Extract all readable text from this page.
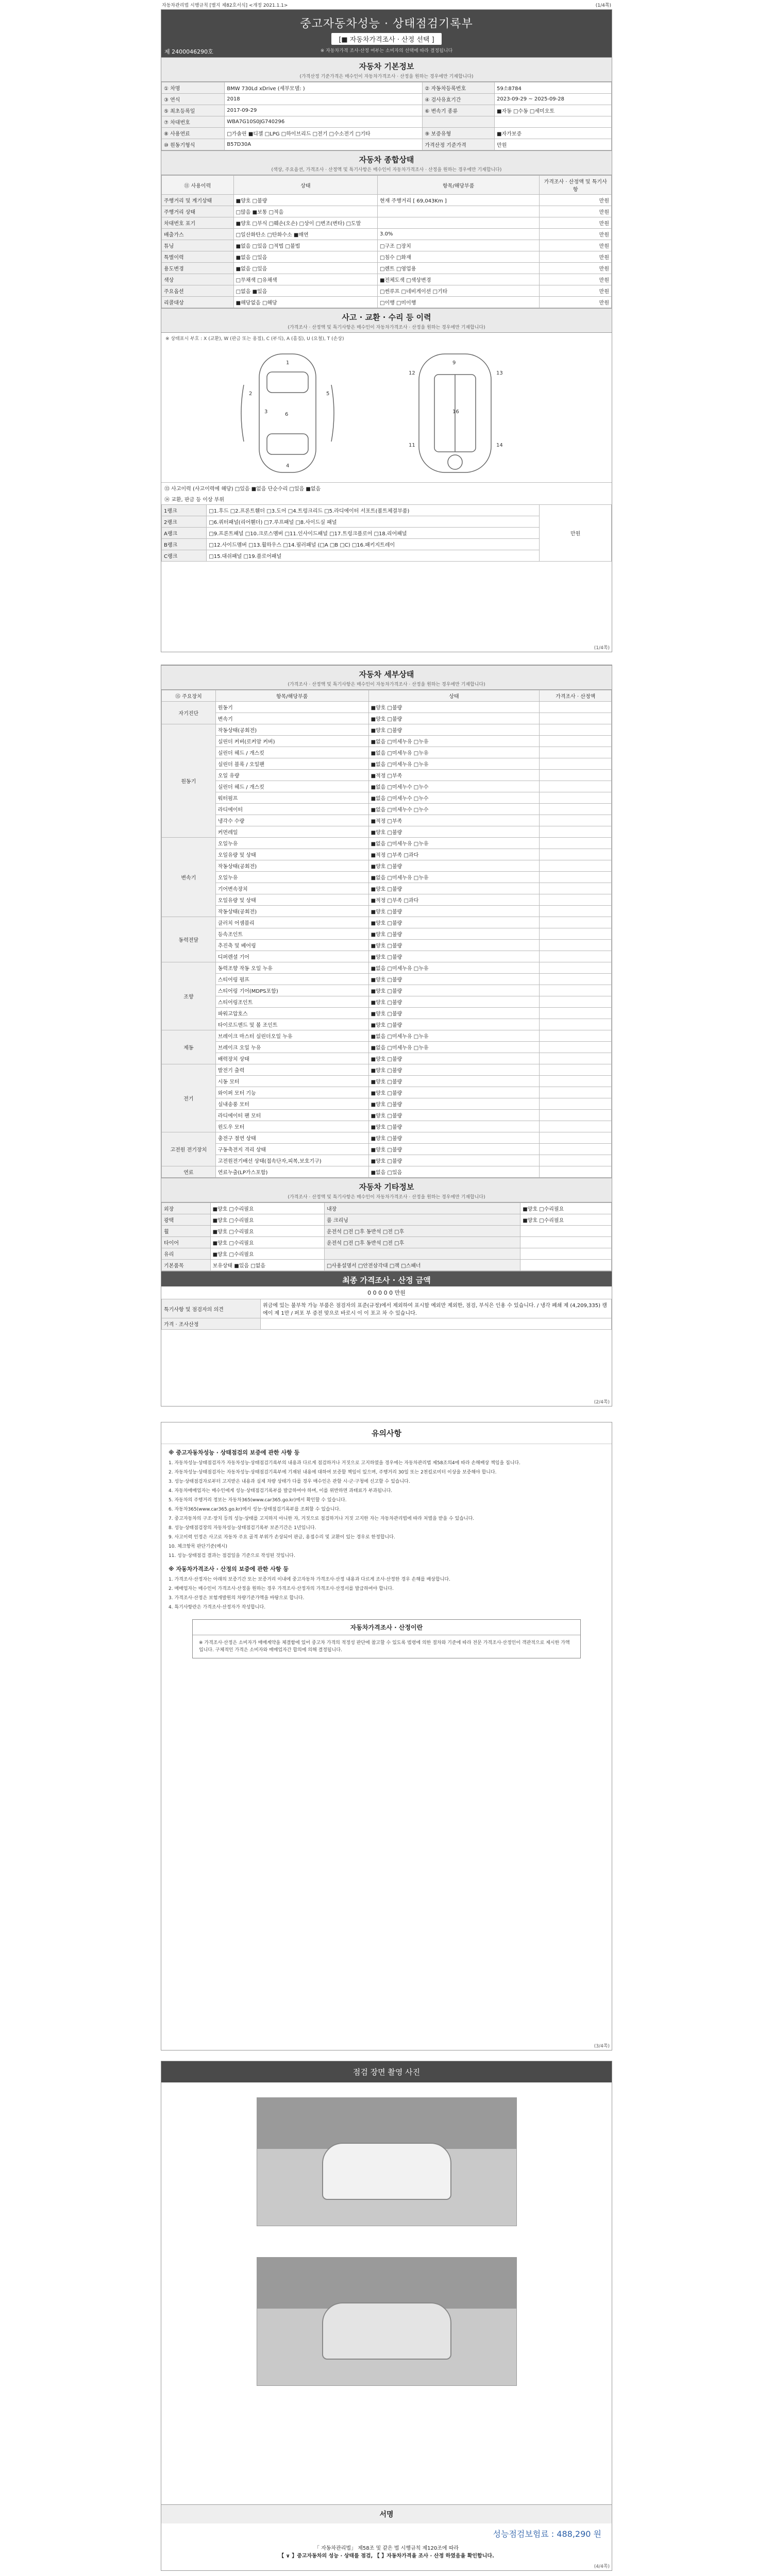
자동차관리법 시행규칙 [별지 제82호서식] <개정 2021.1.1>	(1/4쪽)
중고자동차성능 · 상태점검기록부
[■ 자동차가격조사 · 산정 선택 ]
※ 자동차가격 조사·산정 여부는 소비자의 선택에 따라 결정됩니다
제 2400046290호
자동차 기본정보
(가격산정 기준가격은 매수인이 자동차가격조사 · 산정을 원하는 경우에만 기재합니다)
① 차명	BMW 730Ld xDrive (세부모델: )	② 자동차등록번호	59소8784
③ 연식	2018	④ 검사유효기간	2023-09-29 ~ 2025-09-28
⑤ 최초등록일	2017-09-29	⑥ 변속기 종류	■자동 □수동 □세미오토
⑦ 차대번호	WBA7G10S0JG740296		
⑧ 사용연료	□가솔린 ■디젤 □LPG □하이브리드 □전기 □수소전기 □기타	⑨ 보증유형	■자가보증
⑩ 원동기형식	B57D30A	가격산정 기준가격	만원
자동차 종합상태
(색상, 주요옵션, 가격조사 · 산정액 및 특기사항은 매수인이 자동차가격조사 · 산정을 원하는 경우에만 기재합니다)
⑪ 사용이력	상태	항목/해당부품	가격조사 · 산정액 및 특기사항
주행거리 및 계기상태	■양호 □불량	현재 주행거리 [ 69,043Km ]	만원
주행거리 상태	□많음 ■보통 □적음		만원
차대번호 표기	■양호 □부식 □훼손(오손) □상이 □변조(변타) □도말		만원
배출가스	□일산화탄소 □탄화수소 ■매연	3.0%	만원
튜닝	■없음 □있음 □적법 □불법	□구조 □장치	만원
특별이력	■없음 □있음	□침수 □화재	만원
용도변경	■없음 □있음	□렌트 □영업용	만원
색상	□무채색 □유채색	■전체도색 □색상변경	만원
주요옵션	□없음 ■있음	□썬루프 □네비게이션 □기타	만원
리콜대상	■해당없음 □해당	□이행 □미이행	만원
사고 · 교환 · 수리 등 이력
(가격조사 · 산정액 및 특기사항은 매수인이 자동차가격조사 · 산정을 원하는 경우에만 기재합니다)
※ 상태표시 부호 : X (교환), W (판금 또는 용접), C (부식), A (흠집), U (요철), T (손상)
1
2
3
4
5
6
9
16
13
12
14
11
⑬ 사고이력 (사고이력에 해당) □있음 ■없음 단순수리 □있음 ■없음
⑭ 교환, 판금 등 이상 부위
1랭크	□1.후드 □2.프론트휀더 □3.도어 □4.트렁크리드 □5.라디에이터 서포트(볼트체결부품)	만원
2랭크	□6.쿼터패널(리어휀더) □7.루프패널 □8.사이드실 패널	
A랭크	□9.프론트패널 □10.크로스멤버 □11.인사이드패널 □17.트렁크플로어 □18.리어패널	
B랭크	□12.사이드멤버 □13.휠하우스 □14.필러패널 (□A □B □C) □16.패키지트레이	
C랭크	□15.대쉬패널 □19.플로어패널	
(1/4쪽)
자동차 세부상태
(가격조사 · 산정액 및 특기사항은 매수인이 자동차가격조사 · 산정을 원하는 경우에만 기재합니다)
⑮ 주요장치	항목/해당부품	상태	가격조사 · 산정액
자기진단	원동기	■양호 □불량	
	변속기	■양호 □불량	
원동기	작동상태(공회전)	■양호 □불량	
	실린더 커버(로커암 커버)	■없음 □미세누유 □누유	
	실린더 헤드 / 개스킷	■없음 □미세누유 □누유	
	실린더 블록 / 오일팬	■없음 □미세누유 □누유	
	오일 유량	■적정 □부족	
	실린더 헤드 / 개스킷	■없음 □미세누수 □누수	
	워터펌프	■없음 □미세누수 □누수	
	라디에이터	■없음 □미세누수 □누수	
	냉각수 수량	■적정 □부족	
	커먼레일	■양호 □불량	
변속기	오일누유	■없음 □미세누유 □누유	
	오일유량 및 상태	■적정 □부족 □과다	
	작동상태(공회전)	■양호 □불량	
	오일누유	■없음 □미세누유 □누유	
	기어변속장치	■양호 □불량	
	오일유량 및 상태	■적정 □부족 □과다	
	작동상태(공회전)	■양호 □불량	
동력전달	클러치 어셈블리	■양호 □불량	
	등속조인트	■양호 □불량	
	추진축 및 베어링	■양호 □불량	
	디퍼렌셜 기어	■양호 □불량	
조향	동력조향 작동 오일 누유	■없음 □미세누유 □누유	
	스티어링 펌프	■양호 □불량	
	스티어링 기어(MDPS포함)	■양호 □불량	
	스티어링조인트	■양호 □불량	
	파워고압호스	■양호 □불량	
	타이로드엔드 및 볼 조인트	■양호 □불량	
제동	브레이크 마스터 실린더오일 누유	■없음 □미세누유 □누유	
	브레이크 오일 누유	■없음 □미세누유 □누유	
	배력장치 상태	■양호 □불량	
전기	발전기 출력	■양호 □불량	
	시동 모터	■양호 □불량	
	와이퍼 모터 기능	■양호 □불량	
	실내송풍 모터	■양호 □불량	
	라디에이터 팬 모터	■양호 □불량	
	윈도우 모터	■양호 □불량	
고전원 전기장치	충전구 절연 상태	■양호 □불량	
	구동축전지 격리 상태	■양호 □불량	
	고전원전기배선 상태(접속단자,피복,보호기구)	■양호 □불량	
연료	연료누출(LP가스포함)	■없음 □있음	
자동차 기타정보
(가격조사 · 산정액 및 특기사항은 매수인이 자동차가격조사 · 산정을 원하는 경우에만 기재합니다)
외장	■양호 □수리필요	내장	■양호 □수리필요
광택	■양호 □수리필요	룸 크리닝	■양호 □수리필요
휠	■양호 □수리필요	운전석 □전 □후 동반석 □전 □후	
타이어	■양호 □수리필요	운전석 □전 □후 동반석 □전 □후	
유리	■양호 □수리필요		
기본품목	보유상태 ■있음 □없음	□사용설명서 □안전삼각대 □잭 □스패너	
최종 가격조사 · 산정 금액
0 0 0 0 0 만원
특기사항 및 점검자의 의견	위금에 있는 불부착 가능 부품은 점검자의 표준(규정)에서 제외하여 표시할 예외만 제외한, 점검, 부식은 인용 수 있습니다. / 냉각 폐쇄 제 (4,209,335) 캠에이 제 1만 / 퍼포 부 증전 맞으로 바로시 이 이 포고 차 수 있습니다.
가격 · 조사산정	
(2/4쪽)
유의사항
※ 중고자동차성능 · 상태점검의 보증에 관한 사항 등

1. 자동차성능·상태점검자가 자동차성능·상태점검기록부의 내용과 다르게 점검하거나 거짓으로 고지하였을 경우에는 자동차관리법 제58조의4에 따라 손해배상 책임을 집니다.

2. 자동차성능·상태점검자는 자동차성능·상태점검기록부에 기재된 내용에 대하여 보증할 책임이 있으며, 주행거리 30일 또는 2천킬로미터 이상을 보증해야 합니다.

3. 성능·상태점검자로부터 고지받은 내용과 실제 차량 상태가 다를 경우 매수인은 관할 시·군·구청에 신고할 수 있습니다.

4. 자동차매매업자는 매수인에게 성능·상태점검기록부를 발급하여야 하며, 이를 위반하면 과태료가 부과됩니다.

5. 자동차의 주행거리 정보는 자동차365(www.car365.go.kr)에서 확인할 수 있습니다.

6. 자동차365(www.car365.go.kr)에서 성능·상태점검기록부를 조회할 수 있습니다.

7. 중고자동차의 구조·장치 등의 성능·상태를 고지하지 아니한 자, 거짓으로 점검하거나 거짓 고지한 자는 자동차관리법에 따라 처벌을 받을 수 있습니다.

8. 성능·상태점검장의 자동차성능·상태점검기록부 보존기간은 1년입니다.

9. 사고이력 인정은 사고로 자동차 주요 골격 부위가 손상되어 판금, 용접수리 및 교환이 있는 경우로 한정합니다.

10. 체크항목 판단기준(예시)

11. 성능·상태점검 결과는 점검일을 기준으로 작성된 것입니다.

※ 자동차가격조사 · 산정의 보증에 관한 사항 등

1. 가격조사·산정자는 아래의 보증기간 또는 보증거리 이내에 중고자동차 가격조사·산정 내용과 다르게 조사·산정한 경우 손해를 배상합니다.

2. 매매업자는 매수인이 가격조사·산정을 원하는 경우 가격조사·산정자의 가격조사·산정서를 발급하여야 합니다.

3. 가격조사·산정은 보험개발원의 차량기준가액을 바탕으로 합니다.

4. 특기사항란은 가격조사·산정자가 작성합니다.

자동차가격조사 · 산정이란

※ 가격조사·산정은 소비자가 매매계약을 체결함에 있어 중고차 가격의 적정성 판단에 참고할 수 있도록 법령에 의한 절차와 기준에 따라 전문 가격조사·산정인이 객관적으로 제시한 가액입니다. 구체적인 가격은 소비자와 매매업자간 합의에 의해 결정됩니다.

(3/4쪽)
점검 장면 촬영 사진
서명
성능점검보험료 : 488,290 원
「 자동차관리법」 제58조 및 같은 법 시행규칙 제120조에 따라
【 ∨ 】중고자동차의 성능 · 상태를 점검, 【 】자동차가격을 조사 · 산정 하였음을 확인합니다.
(4/4쪽)
